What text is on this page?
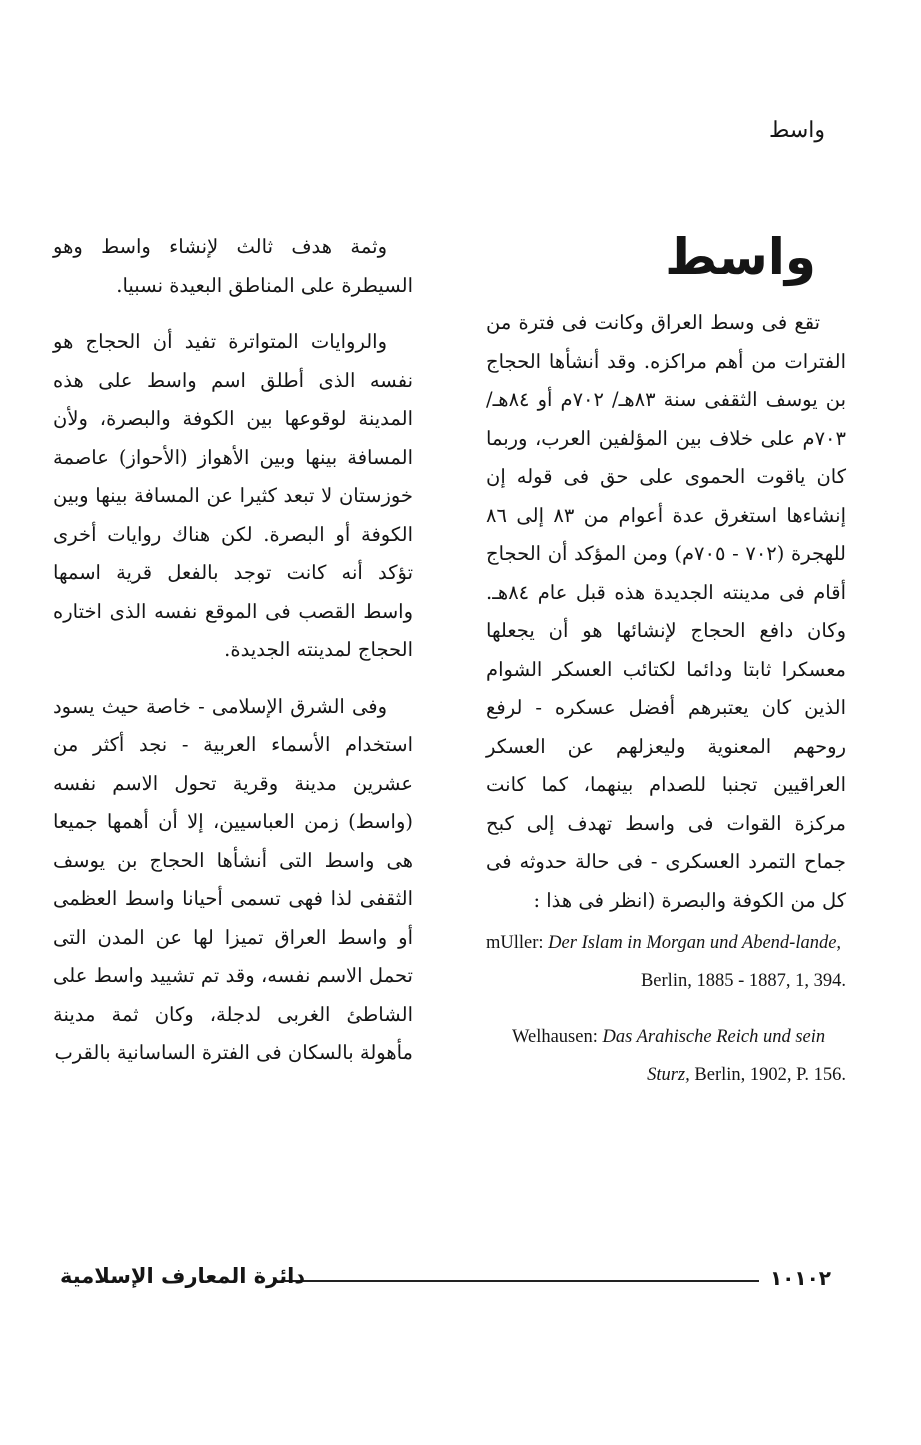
واسط
واسط

تقع فى وسط العراق وكانت فى فترة من الفترات من أهم مراكزه. وقد أنشأها الحجاج بن يوسف الثقفى سنة ٨٣هـ/ ٧٠٢م أو ٨٤هـ/ ٧٠٣م على خلاف بين المؤلفين العرب، وربما كان ياقوت الحموى على حق فى قوله إن إنشاءها استغرق عدة أعوام من ٨٣ إلى ٨٦ للهجرة (٧٠٢ - ٧٠٥م) ومن المؤكد أن الحجاج أقام فى مدينته الجديدة هذه قبل عام ٨٤هـ. وكان دافع الحجاج لإنشائها هو أن يجعلها معسكرا ثابتا ودائما لكتائب العسكر الشوام الذين كان يعتبرهم أفضل عسكره - لرفع روحهم المعنوية وليعزلهم عن العسكر العراقيين تجنبا للصدام بينهما، كما كانت مركزة القوات فى واسط تهدف إلى كبح جماح التمرد العسكرى - فى حالة حدوثه فى كل من الكوفة والبصرة (انظر فى هذا :

mUller: Der Islam in Morgan und Abend-lande, Berlin, 1885 - 1887, 1, 394.

Welhausen: Das Arahische Reich und sein Sturz, Berlin, 1902, P. 156.

وثمة هدف ثالث لإنشاء واسط وهو السيطرة على المناطق البعيدة نسبيا.

والروايات المتواترة تفيد أن الحجاج هو نفسه الذى أطلق اسم واسط على هذه المدينة لوقوعها بين الكوفة والبصرة، ولأن المسافة بينها وبين الأهواز (الأحواز) عاصمة خوزستان لا تبعد كثيرا عن المسافة بينها وبين الكوفة أو البصرة. لكن هناك روايات أخرى تؤكد أنه كانت توجد بالفعل قرية اسمها واسط القصب فى الموقع نفسه الذى اختاره الحجاج لمدينته الجديدة.

وفى الشرق الإسلامى - خاصة حيث يسود استخدام الأسماء العربية - نجد أكثر من عشرين مدينة وقرية تحول الاسم نفسه (واسط) زمن العباسيين، إلا أن أهمها جميعا هى واسط التى أنشأها الحجاج بن يوسف الثقفى لذا فهى تسمى أحيانا واسط العظمى أو واسط العراق تميزا لها عن المدن التى تحمل الاسم نفسه، وقد تم تشييد واسط على الشاطئ الغربى لدجلة، وكان ثمة مدينة مأهولة بالسكان فى الفترة الساسانية بالقرب

١٠١٠٢
دائرة المعارف الإسلامية
